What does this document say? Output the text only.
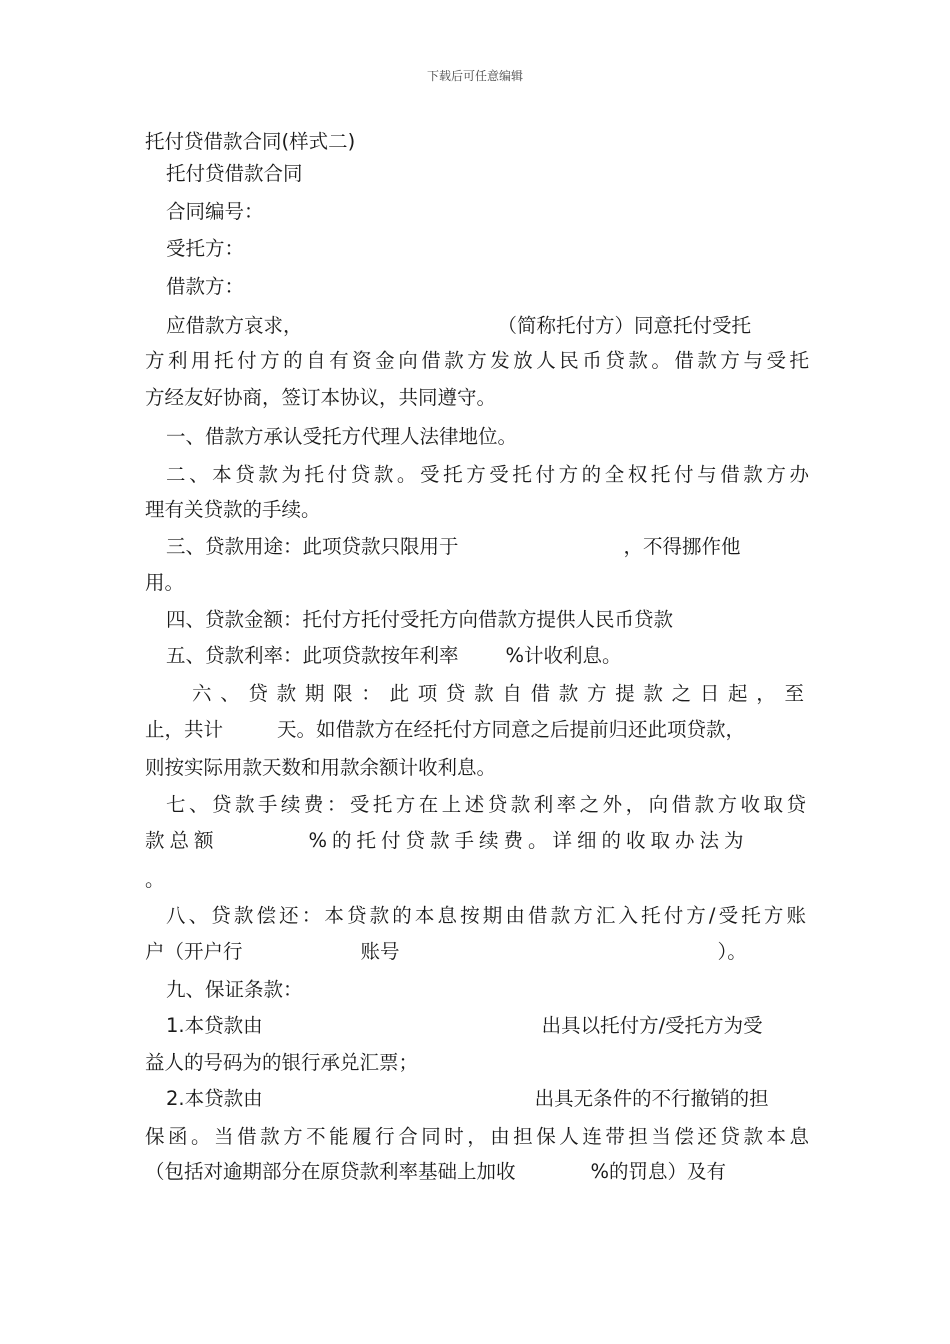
下载后可任意编辑
托付贷借款合同(样式二)
托付贷借款合同
合同编号：
受托方：
借款方：
应借款方哀求，	（简称托付方）同意托付受托
方利用托付方的自有资金向借款方发放人民币贷款。借款方与受托
方经友好协商，签订本协议，共同遵守。
一、借款方承认受托方代理人法律地位。
二、本贷款为托付贷款。受托方受托付方的全权托付与借款方办
理有关贷款的手续。
三、贷款用途：此项贷款只限用于	，不得挪作他
用。
四、贷款金额：托付方托付受托方向借款方提供人民币贷款
五、贷款利率：此项贷款按年利率 %计收利息。
六、贷款期限：此项贷款自借款方提款之日起，至
止，共计	天。如借款方在经托付方同意之后提前归还此项贷款，
则按实际用款天数和用款余额计收利息。
七、贷款手续费：受托方在上述贷款利率之外，向借款方收取贷
款总额	%的托付贷款手续费。详细的收取办法为
。
八、贷款偿还：本贷款的本息按期由借款方汇入托付方/受托方账
户（开户行	账号	）。
九、保证条款：
1.本贷款由	出具以托付方/受托方为受
益人的号码为的银行承兑汇票；
2.本贷款由	出具无条件的不行撤销的担
保函。当借款方不能履行合同时，由担保人连带担当偿还贷款本息
（包括对逾期部分在原贷款利率基础上加收	%的罚息）及有
